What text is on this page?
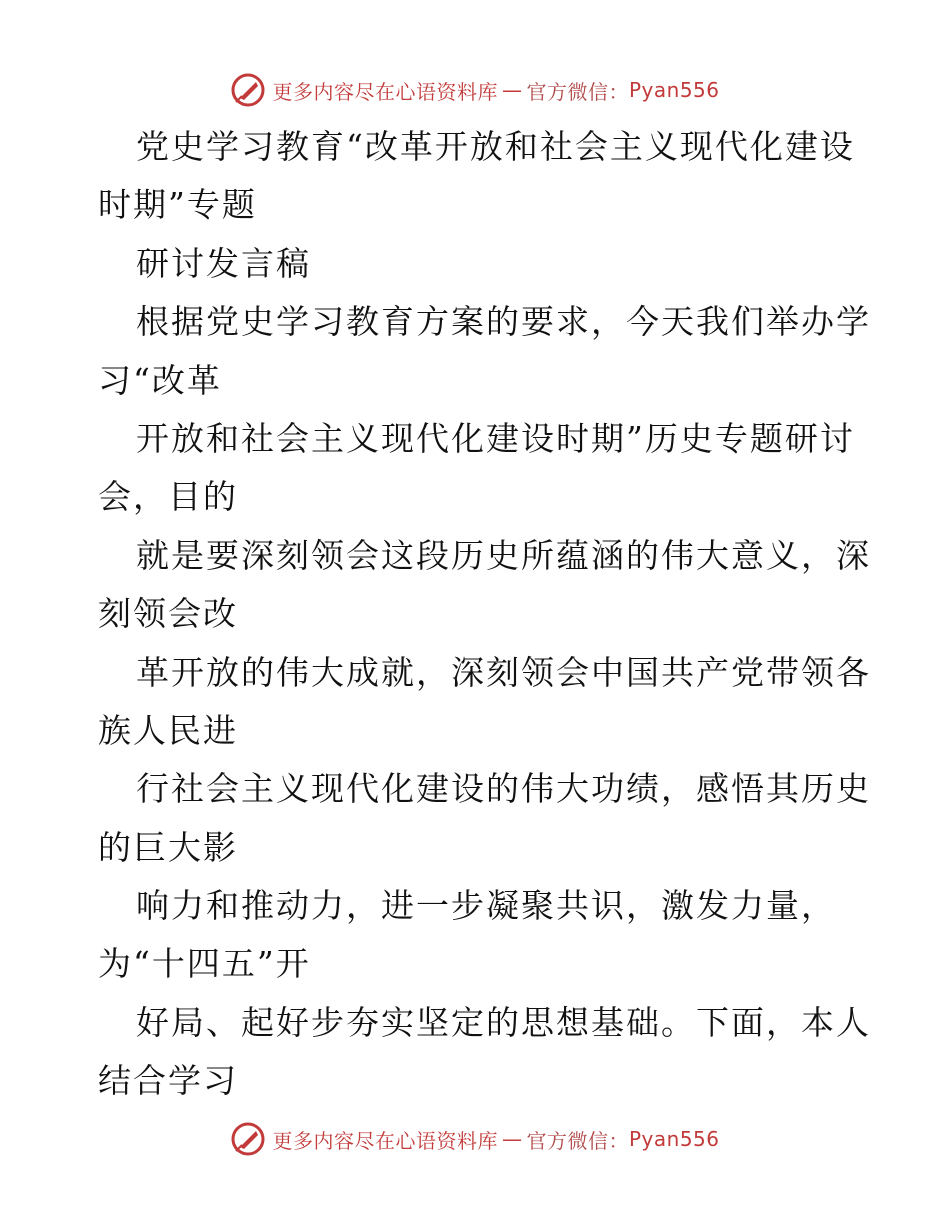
更多内容尽在心语资料库 — 官方微信： Pyan556
党史学习教育“改革开放和社会主义现代化建设
时期”专题
研讨发言稿
根据党史学习教育方案的要求，今天我们举办学
习“改革
开放和社会主义现代化建设时期”历史专题研讨
会，目的
就是要深刻领会这段历史所蕴涵的伟大意义，深
刻领会改
革开放的伟大成就，深刻领会中国共产党带领各
族人民进
行社会主义现代化建设的伟大功绩，感悟其历史
的巨大影
响力和推动力，进一步凝聚共识，激发力量，
为“十四五”开
好局、起好步夯实坚定的思想基础。下面，本人
结合学习
更多内容尽在心语资料库 — 官方微信： Pyan556
